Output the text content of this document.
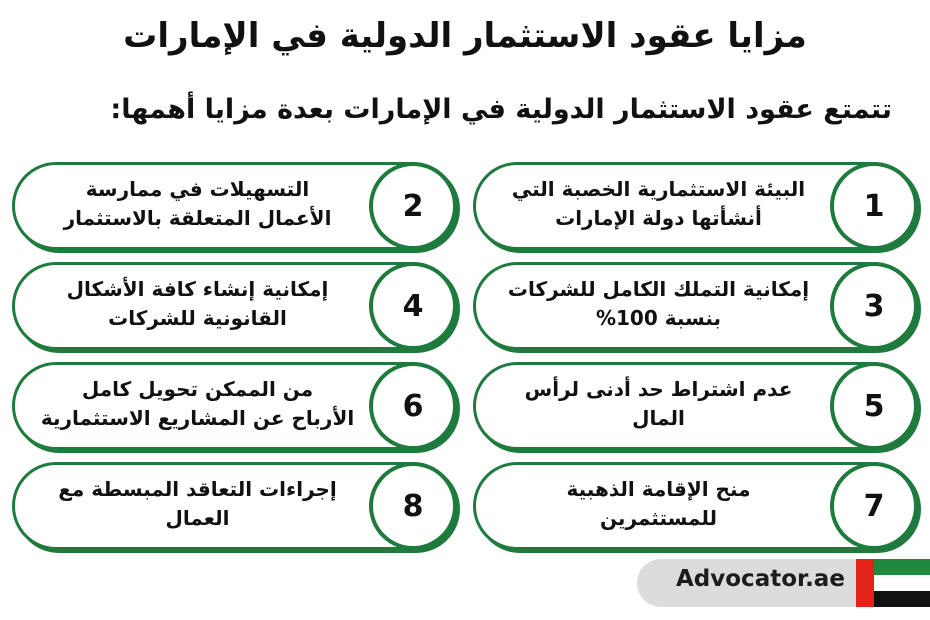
مزايا عقود الاستثمار الدولية في الإمارات
تتمتع عقود الاستثمار الدولية في الإمارات بعدة مزايا أهمها:
1
البيئة الاستثمارية الخصبة التي
أنشأتها دولة الإمارات
2
التسهيلات في ممارسة
الأعمال المتعلقة بالاستثمار
3
إمكانية التملك الكامل للشركات
بنسبة 100%
4
إمكانية إنشاء كافة الأشكال
القانونية للشركات
5
عدم اشتراط حد أدنى لرأس
المال
6
من الممكن تحويل كامل
الأرباح عن المشاريع الاستثمارية
7
منح الإقامة الذهبية
للمستثمرين
8
إجراءات التعاقد المبسطة مع
العمال
Advocator.ae
